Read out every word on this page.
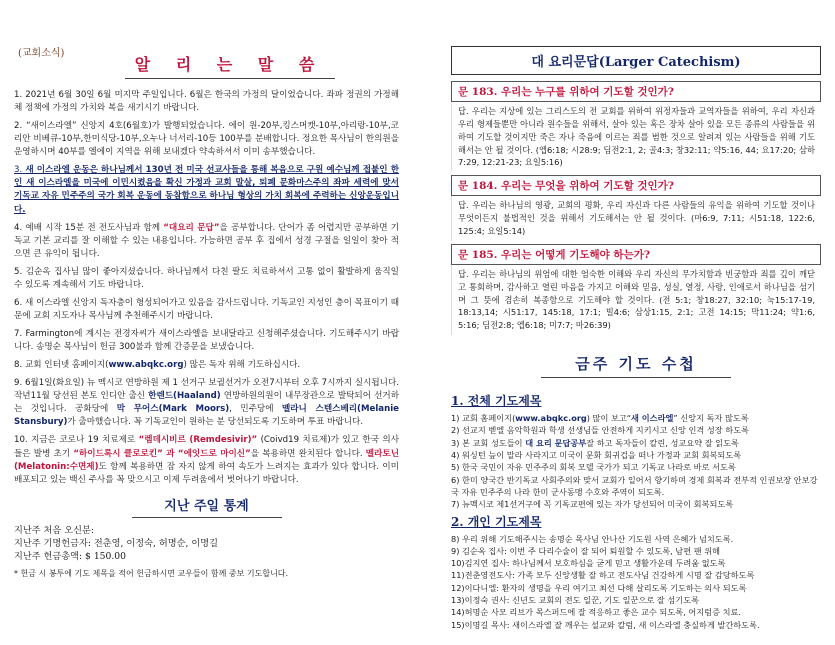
(교회소식)
알 리 는 말 씀
1. 2021년 6월 30일 6월 미지막 주일입니다. 6월은 한국의 가정의 달이었습니다. 좌파 정권의 가정해체 정책에 가정의 가치와 복을 새기시기 바랍니다.
2. “새이스라엘” 신앙지 4호(6월호)가 발행되었습니다. 에이 원-20부,킹스머캣-10부,아리랑-10부,코리안 비베큐-10부,한미식당-10부,오누나 너서리-10등 100부를 분배합니다. 정요한 목사님이 한의원을 운영하시며 40부를 엘에이 지역을 위해 보내겠다 약속하셔서 이미 송부했습니다.
3. 새 이스라엘 운동은 하나님께서 130년 전 미국 선교사들을 통해 복음으로 구원 예수님께 접붙인 한인 새 이스라엘을 미국에 이민시켰음을 확신 가정과 교회 말살, 퇴폐 문화마스주의 좌파 세력에 맞서 기독교 자유 민주주의 국가 회복 운동에 동참함으로 하나님 형상의 가치 회복에 주력하는 신앙운동입니다.
4. 예배 시작 15분 전 전도사님과 함께 “대요리 문답”을 공부합니다. 단어가 좀 어렵지만 공부하면 기독교 기본 교리를 잘 이해할 수 있는 내용입니다. 가능하면 공부 후 집에서 성경 구절을 일일이 찾아 적으면 큰 유익이 됩니다.
5. 김순옥 집사님 많이 좋아지셨습니다. 하나님께서 다친 팔도 치료하셔서 고통 없이 활발하게 움직일 수 있도록 계속해서 기도 바랍니다.
6. 새 이스라엘 신앙지 독자층이 형성되어가고 있음을 감사드립니다. 기독교인 지성인 층이 목표이기 때문에 교회 지도자나 목사님께 추천해주시기 바랍니다.
7. Farmington에 계시는 전경자씨가 새이스라엘을 보내달라고 신청해주셨습니다. 기도해주시기 바랍니다. 송명순 목사님이 헌금 300불과 함께 간증문을 보냈습니다.
8. 교회 인터넷 홈페이지(www.abqkc.org) 많은 독자 위해 기도하십시다.
9. 6월1일(화요일) 뉴 멕시코 연방하원 제 1 선거구 보궐선거가 오전7시부터 오후 7시까지 실시됩니다. 작년11월 당선된 본토 인디안 출신 한렌드(Haaland) 연방하원의원이 내무장관으로 발탁되어 선거하는 것입니다. 공화당에 막 무어스(Mark Moors), 민주당에 멜라니 스텐스베리(Melanie Stansbury)가 출마했습니다. 꼭 기독교인이 원하는 분 당선되도록 기도하며 투표 바랍니다.
10. 지금은 코로나 19 치료제로 “렘데시비르 (Remdesivir)” (Coivd19 치료제)가 있고 한국 의사들은 발병 초기 “하이드록시 클로로킨” 과 “에잇드로 마이신”을 복용하면 완치된다 합니다. 멜라토닌(Melatonin:수면제)도 함께 복용하면 잠 자지 않게 하여 속도가 느려지는 효과가 있다 합니다. 이미 배포되고 있는 백신 주사를 꼭 맞으시고 이제 두려움에서 벗어나기 바랍니다.
지난 주일 통계
지난주 처음 오신분:
지난주 기명헌금자: 전춘영, 이정숙, 허명순, 이명길
지난주 헌금총액: $ 150.00
* 헌금 시 봉투에 기도 제목을 적어 헌금하시면 교우들이 함께 중보 기도합니다.
대 요리문답(Larger Catechism)
문 183. 우리는 누구를 위하여 기도할 것인가?
답. 우리는 지상에 있는 그리스도의 전 교회를 위하여 위정자들과 교역자들을 위하여, 우리 자신과 우리 형제들뿐만 아니라 원수들을 위해서, 살아 있는 혹은 장차 살아 있을 모든 종류의 사람들을 위하여 기도할 것이지만 죽은 자나 죽음에 이르는 죄를 범한 것으로 알려져 있는 사람들을 위해 기도해서는 안 될 것이다. (엡6:18; 시28:9; 딤전2:1, 2; 골4:3; 창32:11; 약5:16, 44; 요17:20; 삼하7:29, 12:21-23; 요일5:16)
문 184. 우리는 무엇을 위하여 기도할 것인가?
답. 우리는 하나님의 영광, 교회의 평화, 우리 자신과 다른 사람들의 유익을 위하여 기도할 것이나 무엇이든지 불법적인 것을 위해서 기도해서는 안 될 것이다. (마6:9, 7:11; 시51:18, 122:6, 125:4; 요일5:14)
문 185. 우리는 어떻게 기도해야 하는가?
답. 우리는 하나님의 위엄에 대한 엄숙한 이해와 우리 자신의 무가치함과 빈궁함과 죄를 깊이 깨닫고 통회하며, 감사하고 열린 마음을 가지고 이해와 믿음, 성실, 열정, 사랑, 인애로서 하나님을 섬기며 그 뜻에 겸손히 복종함으로 기도해야 할 것이다. (전 5:1; 창18:27, 32:10; 눅15:17-19, 18:13,14; 시51:17, 145:18, 17:1; 빌4:6; 삼상1:15, 2:1; 고전 14:15; 막11:24; 약1:6, 5:16; 딤전2:8; 엡6:18; 미7:7; 마26:39)
금주 기도 수첩
1. 전체 기도제목
1) 교회 홈페이지(www.abqkc.org) 많이 보고“새 이스라엘” 신앙지 독자 많도록
2) 선교지 벧엘 음악학원과 학생 선생님들 안전하게 지키시고 신앙 인격 성장 하도록
3) 본 교회 성도들이 대 요리 문답공부잘 하고 독자들이 칼린, 성교요약 잘 읽도록
4) 워싱턴 늪이 말라 사라지고 미국이 문화 회귀겁을 떠나 가정과 교회 회복되도록
5) 한국 국민이 자유 민주주의 회복 모델 국가가 되고 기독교 나라로 바로 서도록
6) 한미 양국간 반기독교 사회주의와 맞서 교회가 일어서 향기하며 경제 회복과 전부적 인권보장 안보강국 자유 민주주의 나라 한미 군사동맹 수호와 주역이 되도록.
7) 뉴멕시코 제1선거구에 꼭 기독교편에 있는 자가 당선되어 미국이 회복되도록
2. 개인 기도제목
8) 우리 위해 기도해주시는 송명순 목사님 안나산 기도원 사역 은혜가 넘치도록.
9) 김순옥 집사: 이번 주 다리수술이 잘 되어 퇴원할 수 있도록, 남편 팬 위해
10)김지연 집사: 하나님께서 보호하심을 굳게 믿고 생활가운데 두려움 없도록
11)전춘영전도사: 가족 모두 신앙생활 잘 하고 전도사님 건강하게 시명 잘 감당하도록
12)이다니엘: 환자의 생명을 우리 여기고 최선 다해 살리도록 기도하는 의사 되도록
13)이정숙 권사: 신년도 교회의 전도 일꾼, 기도 일꾼으로 잘 섬기도록
14)허명순 사모 리브가 목스퍼드에 잘 적응하고 좋은 교수 되도록, 어지럼증 치료.
15)이명길 목사: 새이스라엘 잘 깨우는 설교와 칼럼, 새 이스라엘 충실하게 발간하도록.
